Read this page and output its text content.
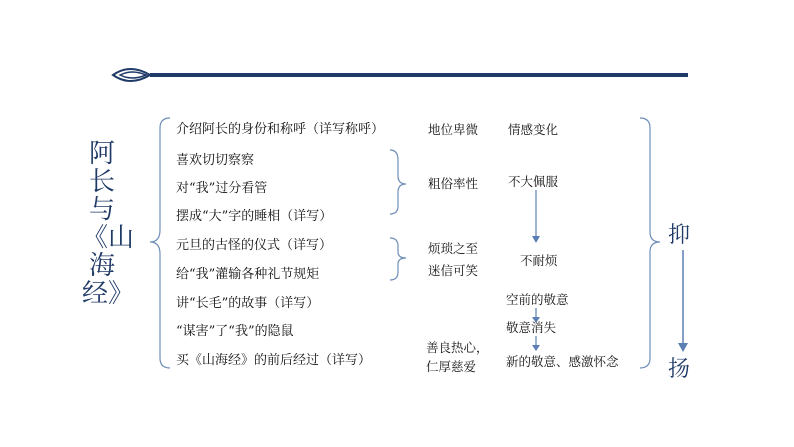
阿长与《山海经》
介绍阿长的身份和称呼（详写称呼）
喜欢切切察察
对“我”过分看管
摆成“大”字的睡相（详写）
元旦的古怪的仪式（详写）
给“我”灌输各种礼节规矩
讲“长毛”的故事（详写）
“谋害”了“我”的隐鼠
买《山海经》的前后经过（详写）
地位卑微
粗俗率性
烦琐之至
迷信可笑
善良热心，
仁厚慈爱
情感变化
不大佩服
不耐烦
空前的敬意
敬意消失
新的敬意、感激怀念
抑
扬
